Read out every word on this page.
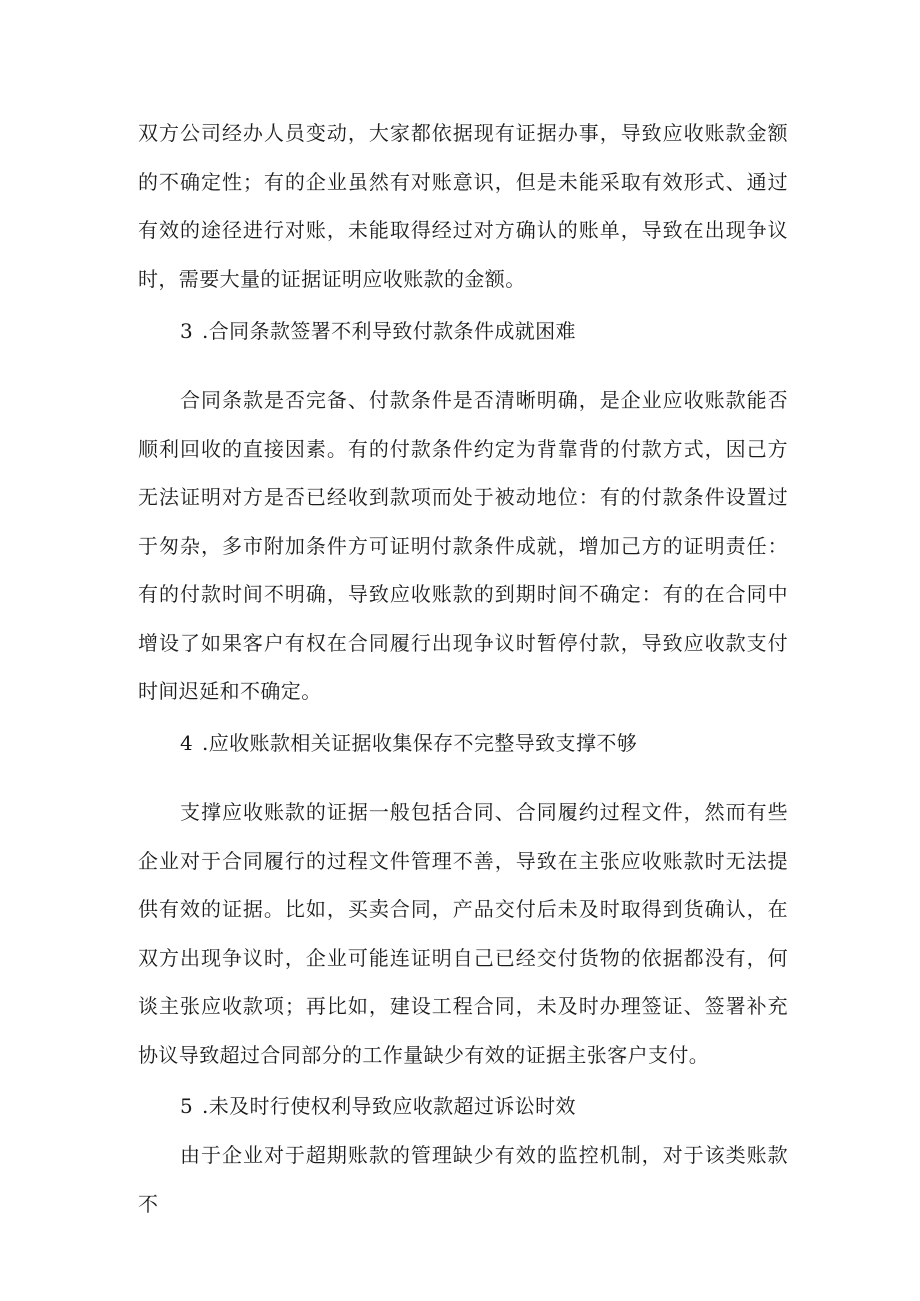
双方公司经办人员变动，大家都依据现有证据办事，导致应收账款金额的不确定性；有的企业虽然有对账意识，但是未能采取有效形式、通过有效的途径进行对账，未能取得经过对方确认的账单，导致在出现争议时，需要大量的证据证明应收账款的金额。

3 .合同条款签署不利导致付款条件成就困难

合同条款是否完备、付款条件是否清晰明确，是企业应收账款能否顺利回收的直接因素。有的付款条件约定为背靠背的付款方式，因己方无法证明对方是否已经收到款项而处于被动地位：有的付款条件设置过于匆杂，多市附加条件方可证明付款条件成就，增加己方的证明责任：有的付款时间不明确，导致应收账款的到期时间不确定：有的在合同中增设了如果客户有权在合同履行出现争议时暂停付款，导致应收款支付时间迟延和不确定。

4 .应收账款相关证据收集保存不完整导致支撑不够

支撑应收账款的证据一般包括合同、合同履约过程文件，然而有些企业对于合同履行的过程文件管理不善，导致在主张应收账款时无法提供有效的证据。比如，买卖合同，产品交付后未及时取得到货确认，在双方出现争议时，企业可能连证明自己已经交付货物的依据都没有，何谈主张应收款项；再比如，建设工程合同，未及时办理签证、签署补充协议导致超过合同部分的工作量缺少有效的证据主张客户支付。

5 .未及时行使权利导致应收款超过诉讼时效

由于企业对于超期账款的管理缺少有效的监控机制，对于该类账款不
